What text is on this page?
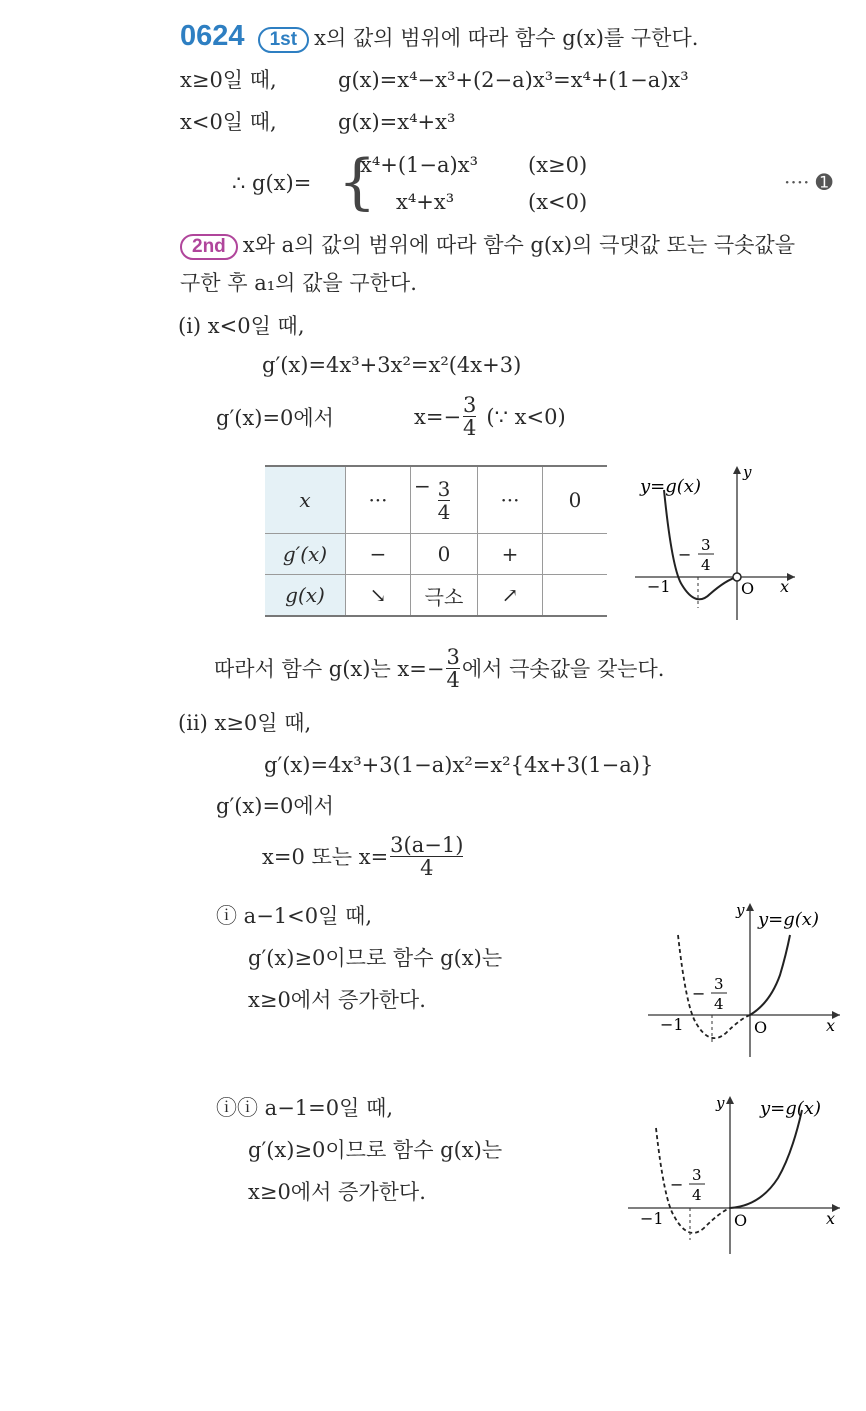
0624 1st x의 값의 범위에 따라 함수 g(x)를 구한다.
x≥0일 때,	g(x)=x⁴−x³+(2−a)x³=x⁴+(1−a)x³
x<0일 때,	g(x)=x⁴+x³
∴ g(x)= {
x⁴+(1−a)x³ (x≥0)
x⁴+x³	(x<0)
···· ➊
2nd x와 a의 값의 범위에 따라 함수 g(x)의 극댓값 또는 극솟값을
구한 후 a₁의 값을 구한다.
(ⅰ) x<0일 때,
g′(x)=4x³+3x²=x²(4x+3)
g′(x)=0에서	$x=- \frac{3}{4}$ (∵ x<0)
x	···	$\frac{3}{4}$	···	0
g′(x)	−	0	+	
g(x)	↘	극소	↗	
−	y=g(x)
y
x
O
−1
− 3
4
따라서 함수 g(x)는 $x=- \frac{3}{4}$ 에서 극솟값을 갖는다.
(ⅱ) x≥0일 때,
g′(x)=4x³+3(1−a)x²=x²{4x+3(1−a)}
g′(x)=0에서
x=0 또는 $x= \frac{3(a-1)}{4}$
ⓘ a−1<0일 때,
g′(x)≥0이므로 함수 g(x)는
x≥0에서 증가한다.
y=g(x)
y
x
O
−1
− 3
4
ⓘⓘ a−1=0일 때,
g′(x)≥0이므로 함수 g(x)는
x≥0에서 증가한다.
y=g(x)
y
x
O
−1
− 3
4
